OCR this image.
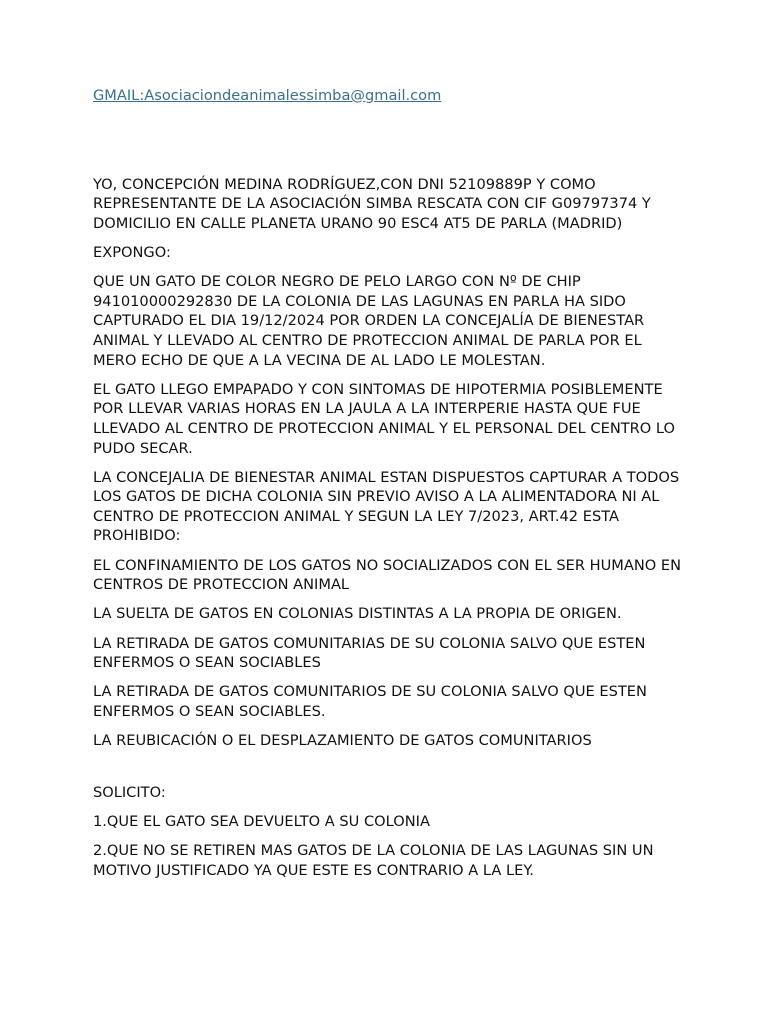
GMAIL:Asociaciondeanimalessimba@gmail.com

YO, CONCEPCIÓN MEDINA RODRÍGUEZ,CON DNI 52109889P Y COMO REPRESENTANTE DE LA ASOCIACIÓN SIMBA RESCATA CON CIF G09797374 Y DOMICILIO EN CALLE PLANETA URANO 90 ESC4 AT5 DE PARLA (MADRID)

EXPONGO:

QUE UN GATO DE COLOR NEGRO DE PELO LARGO CON Nº DE CHIP 941010000292830 DE LA COLONIA DE LAS LAGUNAS EN PARLA HA SIDO CAPTURADO EL DIA 19/12/2024 POR ORDEN LA CONCEJALÍA DE BIENESTAR ANIMAL Y LLEVADO AL CENTRO DE PROTECCION ANIMAL DE PARLA POR EL MERO ECHO DE QUE A LA VECINA DE AL LADO LE MOLESTAN.

EL GATO LLEGO EMPAPADO Y CON SINTOMAS DE HIPOTERMIA POSIBLEMENTE POR LLEVAR VARIAS HORAS EN LA JAULA A LA INTERPERIE HASTA QUE FUE LLEVADO AL CENTRO DE PROTECCION ANIMAL Y EL PERSONAL DEL CENTRO LO PUDO SECAR.

LA CONCEJALIA DE BIENESTAR ANIMAL ESTAN DISPUESTOS CAPTURAR A TODOS LOS GATOS DE DICHA COLONIA SIN PREVIO AVISO A LA ALIMENTADORA NI AL CENTRO DE PROTECCION ANIMAL Y SEGUN LA LEY 7/2023, ART.42 ESTA PROHIBIDO:

EL CONFINAMIENTO DE LOS GATOS NO SOCIALIZADOS CON EL SER HUMANO EN CENTROS DE PROTECCION ANIMAL

LA SUELTA DE GATOS EN COLONIAS DISTINTAS A LA PROPIA DE ORIGEN.

LA RETIRADA DE GATOS COMUNITARIAS DE SU COLONIA SALVO QUE ESTEN ENFERMOS O SEAN SOCIABLES

LA RETIRADA DE GATOS COMUNITARIOS DE SU COLONIA SALVO QUE ESTEN ENFERMOS O SEAN SOCIABLES.

LA REUBICACIÓN O EL DESPLAZAMIENTO DE GATOS COMUNITARIOS

SOLICITO:

1.QUE EL GATO SEA DEVUELTO A SU COLONIA

2.QUE NO SE RETIREN MAS GATOS DE LA COLONIA DE LAS LAGUNAS SIN UN MOTIVO JUSTIFICADO YA QUE ESTE ES CONTRARIO A LA LEY.
